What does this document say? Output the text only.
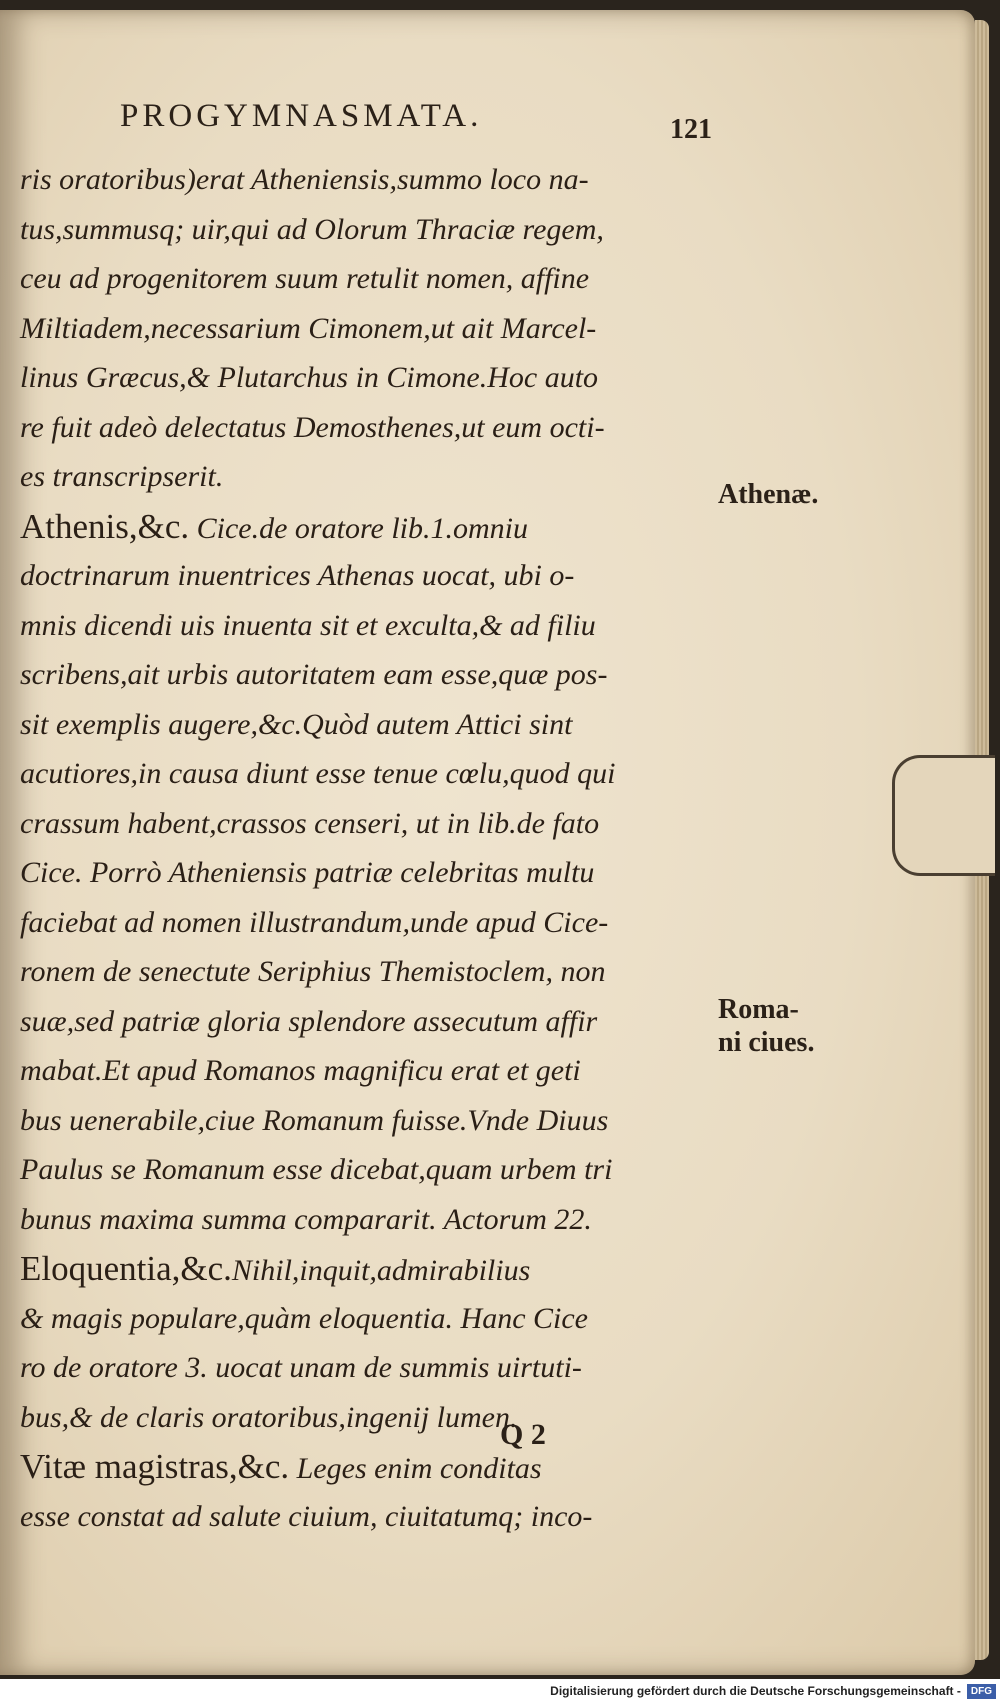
PROGYMNASMATA.	121
ris oratoribus)erat Atheniensis,summo loco na-
tus,summusq; uir,qui ad Olorum Thraciæ regem,
ceu ad progenitorem suum retulit nomen, affine
Miltiadem,necessarium Cimonem,ut ait Marcel-
linus Græcus,& Plutarchus in Cimone.Hoc auto
re fuit adeò delectatus Demosthenes,ut eum octi-
es transcripserit.
Athenis,&c. Cice.de oratore lib.1.omniu
doctrinarum inuentrices Athenas uocat, ubi o-
mnis dicendi uis inuenta sit et exculta,& ad filiu
scribens,ait urbis autoritatem eam esse,quæ pos-
sit exemplis augere,&c.Quòd autem Attici sint
acutiores,in causa diunt esse tenue cœlu,quod qui
crassum habent,crassos censeri, ut in lib.de fato
Cice. Porrò Atheniensis patriæ celebritas multu
faciebat ad nomen illustrandum,unde apud Cice-
ronem de senectute Seriphius Themistoclem, non
suæ,sed patriæ gloria splendore assecutum affir
mabat.Et apud Romanos magnificu erat et geti
bus uenerabile,ciue Romanum fuisse.Vnde Diuus
Paulus se Romanum esse dicebat,quam urbem tri
bunus maxima summa compararit. Actorum 22.
Eloquentia,&c.Nihil,inquit,admirabilius
& magis populare,quàm eloquentia. Hanc Cice
ro de oratore 3. uocat unam de summis uirtuti-
bus,& de claris oratoribus,ingenij lumen.
Vitæ magistras,&c. Leges enim conditas
esse constat ad salute ciuium, ciuitatumq; inco-
Athenæ.
Roma-
ni ciues.
Q 2
Digitalisierung gefördert durch die Deutsche Forschungsgemeinschaft -	DFG
